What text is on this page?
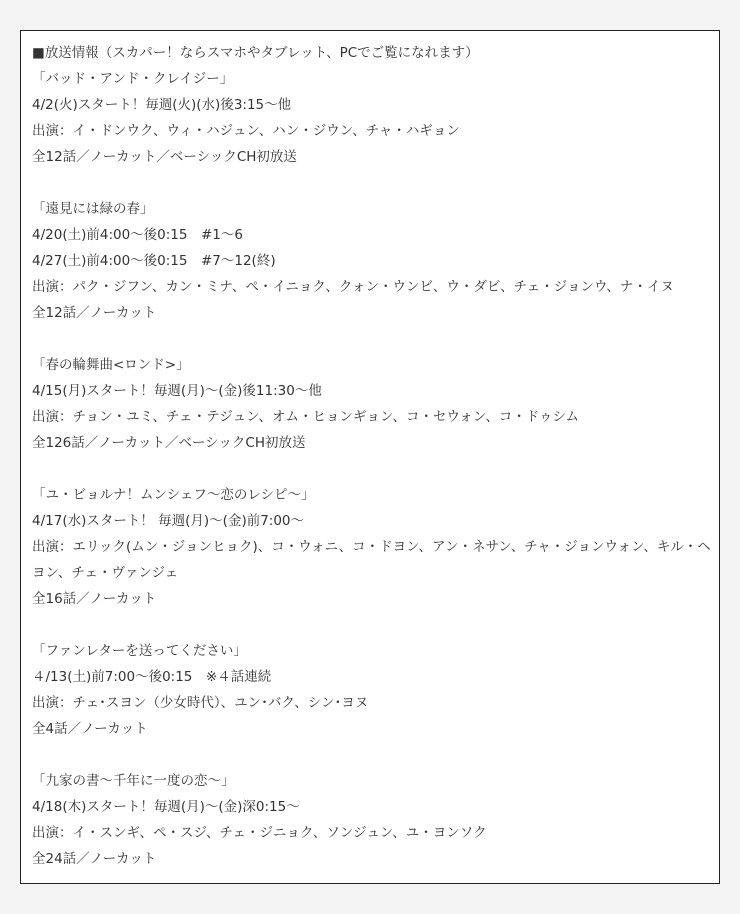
■放送情報（スカパー！ならスマホやタブレット、PCでご覧になれます）
「バッド・アンド・クレイジー」
4/2(火)スタート！毎週(火)(水)後3:15〜他
出演：イ・ドンウク、ウィ・ハジュン、ハン・ジウン、チャ・ハギョン
全12話／ノーカット／ベーシックCH初放送
「遠見には緑の春」
4/20(土)前4:00〜後0:15　#1〜6
4/27(土)前4:00〜後0:15　#7〜12(終)
出演：パク・ジフン、カン・ミナ、ペ・イニョク、クォン・ウンビ、ウ・ダビ、チェ・ジョンウ、ナ・イヌ
全12話／ノーカット
「春の輪舞曲<ロンド>」
4/15(月)スタート！毎週(月)〜(金)後11:30〜他
出演：チョン・ユミ、チェ・テジュン、オム・ヒョンギョン、コ・セウォン、コ・ドゥシム
全126話／ノーカット／ベーシックCH初放送
「ユ・ビョルナ！ムンシェフ〜恋のレシピ〜」
4/17(水)スタート！ 毎週(月)〜(金)前7:00〜
出演：エリック(ムン・ジョンヒョク)、コ・ウォニ、コ・ドヨン、アン・ネサン、チャ・ジョンウォン、キル・ヘヨン、チェ・ヴァンジェ
全16話／ノーカット
「ファンレターを送ってください」
４/13(土)前7:00〜後0:15　※４話連続
出演：チェ･スヨン（少女時代）、ユン･バク、シン･ヨヌ
全4話／ノーカット
「九家の書〜千年に一度の恋〜」
4/18(木)スタート！毎週(月)〜(金)深0:15〜
出演：イ・スンギ、ペ・スジ、チェ・ジニョク、ソンジュン、ユ・ヨンソク
全24話／ノーカット
